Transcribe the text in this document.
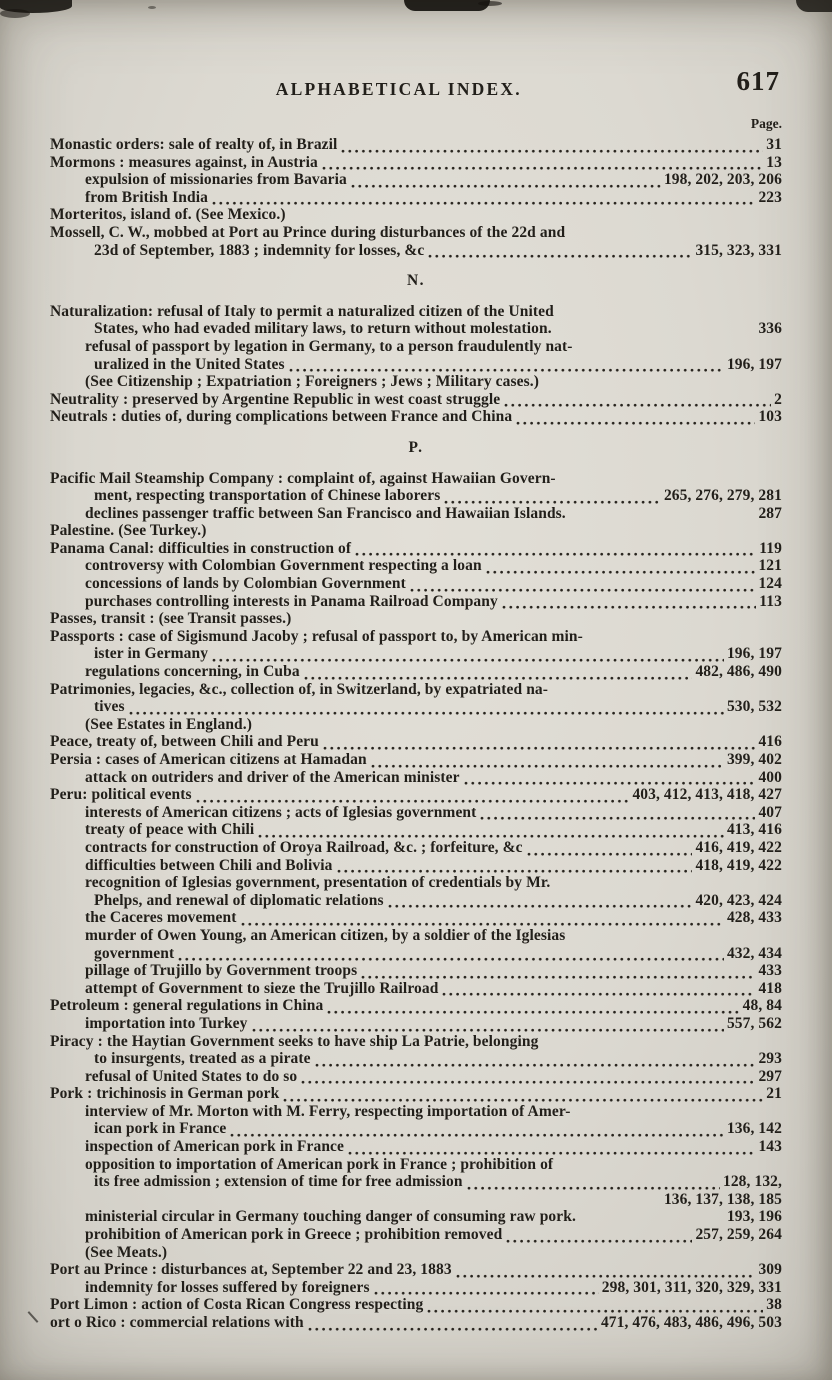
ALPHABETICAL INDEX.	617
Page.
Monastic orders: sale of realty of, in Brazil	31
Mormons : measures against, in Austria	13
expulsion of missionaries from Bavaria	198, 202, 203, 206
from British India	223
Morteritos, island of. (See Mexico.)
Mossell, C. W., mobbed at Port au Prince during disturbances of the 22d and
23d of September, 1883 ; indemnity for losses, &c	315, 323, 331
N.
Naturalization: refusal of Italy to permit a naturalized citizen of the United
States, who had evaded military laws, to return without molestation.	336
refusal of passport by legation in Germany, to a person fraudulently nat-
uralized in the United States	196, 197
(See Citizenship ; Expatriation ; Foreigners ; Jews ; Military cases.)
Neutrality : preserved by Argentine Republic in west coast struggle	2
Neutrals : duties of, during complications between France and China	103
P.
Pacific Mail Steamship Company : complaint of, against Hawaiian Govern-
ment, respecting transportation of Chinese laborers	265, 276, 279, 281
declines passenger traffic between San Francisco and Hawaiian Islands.	287
Palestine. (See Turkey.)
Panama Canal: difficulties in construction of	119
controversy with Colombian Government respecting a loan	121
concessions of lands by Colombian Government	124
purchases controlling interests in Panama Railroad Company	113
Passes, transit : (see Transit passes.)
Passports : case of Sigismund Jacoby ; refusal of passport to, by American min-
ister in Germany	196, 197
regulations concerning, in Cuba	482, 486, 490
Patrimonies, legacies, &c., collection of, in Switzerland, by expatriated na-
tives	530, 532
(See Estates in England.)
Peace, treaty of, between Chili and Peru	416
Persia : cases of American citizens at Hamadan	399, 402
attack on outriders and driver of the American minister	400
Peru: political events	403, 412, 413, 418, 427
interests of American citizens ; acts of Iglesias government	407
treaty of peace with Chili	413, 416
contracts for construction of Oroya Railroad, &c. ; forfeiture, &c	416, 419, 422
difficulties between Chili and Bolivia	418, 419, 422
recognition of Iglesias government, presentation of credentials by Mr.
Phelps, and renewal of diplomatic relations	420, 423, 424
the Caceres movement	428, 433
murder of Owen Young, an American citizen, by a soldier of the Iglesias
government	432, 434
pillage of Trujillo by Government troops	433
attempt of Government to sieze the Trujillo Railroad	418
Petroleum : general regulations in China	48, 84
importation into Turkey	557, 562
Piracy : the Haytian Government seeks to have ship La Patrie, belonging
to insurgents, treated as a pirate	293
refusal of United States to do so	297
Pork : trichinosis in German pork	21
interview of Mr. Morton with M. Ferry, respecting importation of Amer-
ican pork in France	136, 142
inspection of American pork in France	143
opposition to importation of American pork in France ; prohibition of
its free admission ; extension of time for free admission	128, 132,
136, 137, 138, 185
ministerial circular in Germany touching danger of consuming raw pork.	193, 196
prohibition of American pork in Greece ; prohibition removed	257, 259, 264
(See Meats.)
Port au Prince : disturbances at, September 22 and 23, 1883	309
indemnity for losses suffered by foreigners	298, 301, 311, 320, 329, 331
Port Limon : action of Costa Rican Congress respecting	38
ort o Rico : commercial relations with	471, 476, 483, 486, 496, 503
